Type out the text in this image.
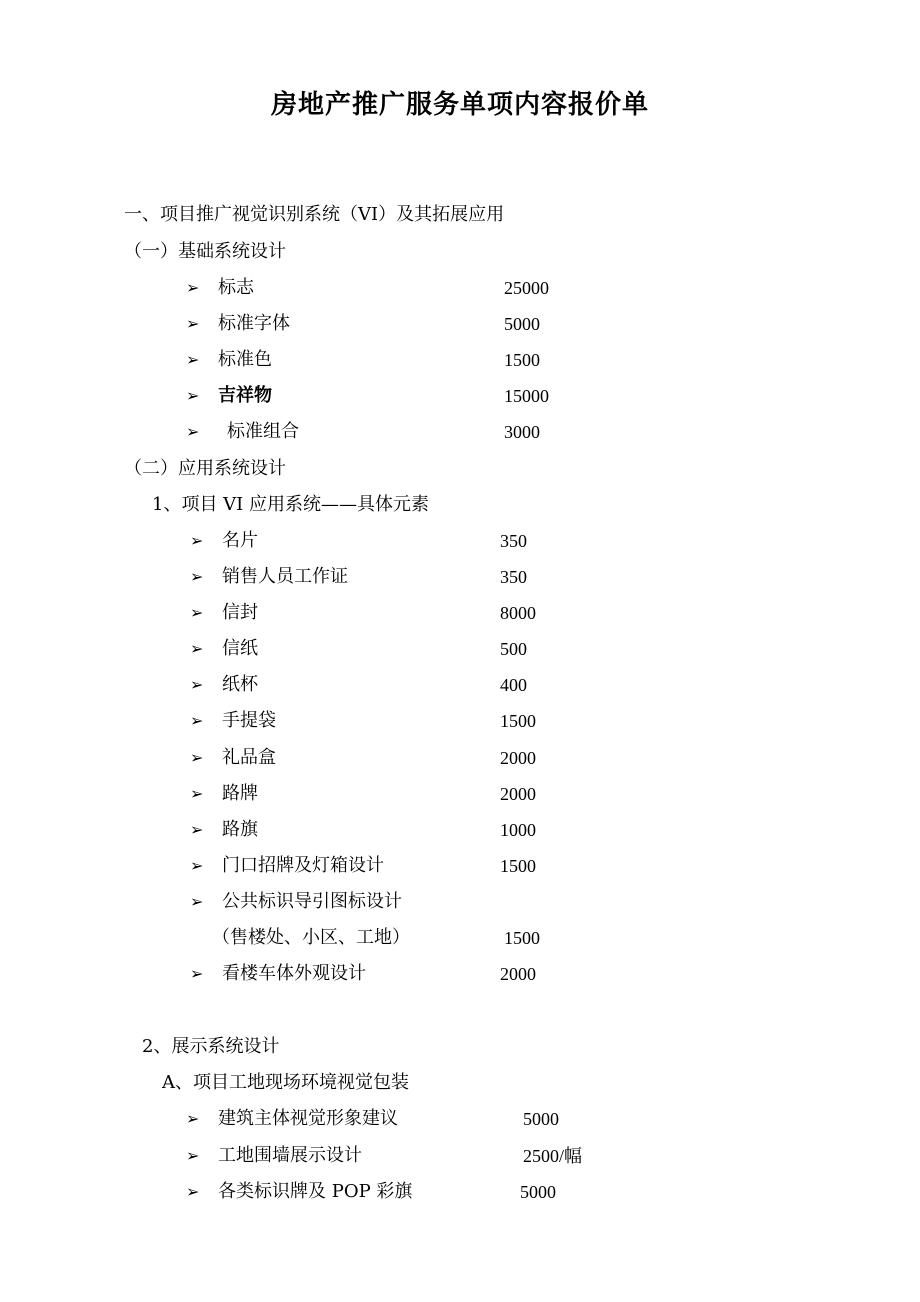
房地产推广服务单项内容报价单
一、项目推广视觉识别系统（VI）及其拓展应用
（一）基础系统设计
➢ 标志	25000
➢ 标准字体	5000
➢ 标准色	1500
➢ 吉祥物	15000
➢ 标准组合	3000
（二）应用系统设计
1、项目 VI 应用系统——具体元素
➢ 名片	350
➢ 销售人员工作证	350
➢ 信封	8000
➢ 信纸	500
➢ 纸杯	400
➢ 手提袋	1500
➢ 礼品盒	2000
➢ 路牌	2000
➢ 路旗	1000
➢ 门口招牌及灯箱设计	1500
➢ 公共标识导引图标设计
（售楼处、小区、工地）	1500
➢ 看楼车体外观设计	2000
2、展示系统设计
A、项目工地现场环境视觉包装
➢ 建筑主体视觉形象建议	5000
➢ 工地围墙展示设计	2500/幅
➢ 各类标识牌及 POP 彩旗	5000
